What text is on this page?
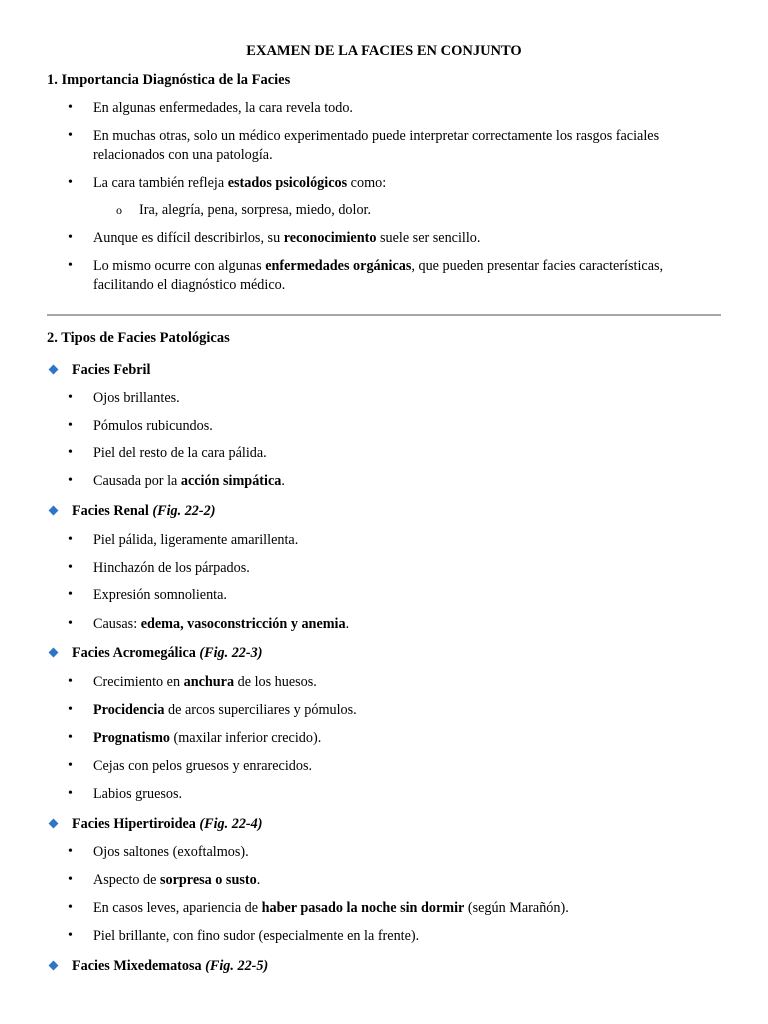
EXAMEN DE LA FACIES EN CONJUNTO

1. Importancia Diagnóstica de la Facies

• En algunas enfermedades, la cara revela todo.

• En muchas otras, solo un médico experimentado puede interpretar correctamente los rasgos faciales
relacionados con una patología.

• La cara también refleja estados psicológicos como:

o Ira, alegría, pena, sorpresa, miedo, dolor.

• Aunque es difícil describirlos, su reconocimiento suele ser sencillo.

• Lo mismo ocurre con algunas enfermedades orgánicas, que pueden presentar facies características,
facilitando el diagnóstico médico.

2. Tipos de Facies Patológicas

Facies Febril

• Ojos brillantes.

• Pómulos rubicundos.

• Piel del resto de la cara pálida.

• Causada por la acción simpática.

Facies Renal (Fig. 22-2)

• Piel pálida, ligeramente amarillenta.

• Hinchazón de los párpados.

• Expresión somnolienta.

• Causas: edema, vasoconstricción y anemia.

Facies Acromegálica (Fig. 22-3)

• Crecimiento en anchura de los huesos.

• Procidencia de arcos superciliares y pómulos.

• Prognatismo (maxilar inferior crecido).

• Cejas con pelos gruesos y enrarecidos.

• Labios gruesos.

Facies Hipertiroidea (Fig. 22-4)

• Ojos saltones (exoftalmos).

• Aspecto de sorpresa o susto.

• En casos leves, apariencia de haber pasado la noche sin dormir (según Marañón).

• Piel brillante, con fino sudor (especialmente en la frente).

Facies Mixedematosa (Fig. 22-5)
